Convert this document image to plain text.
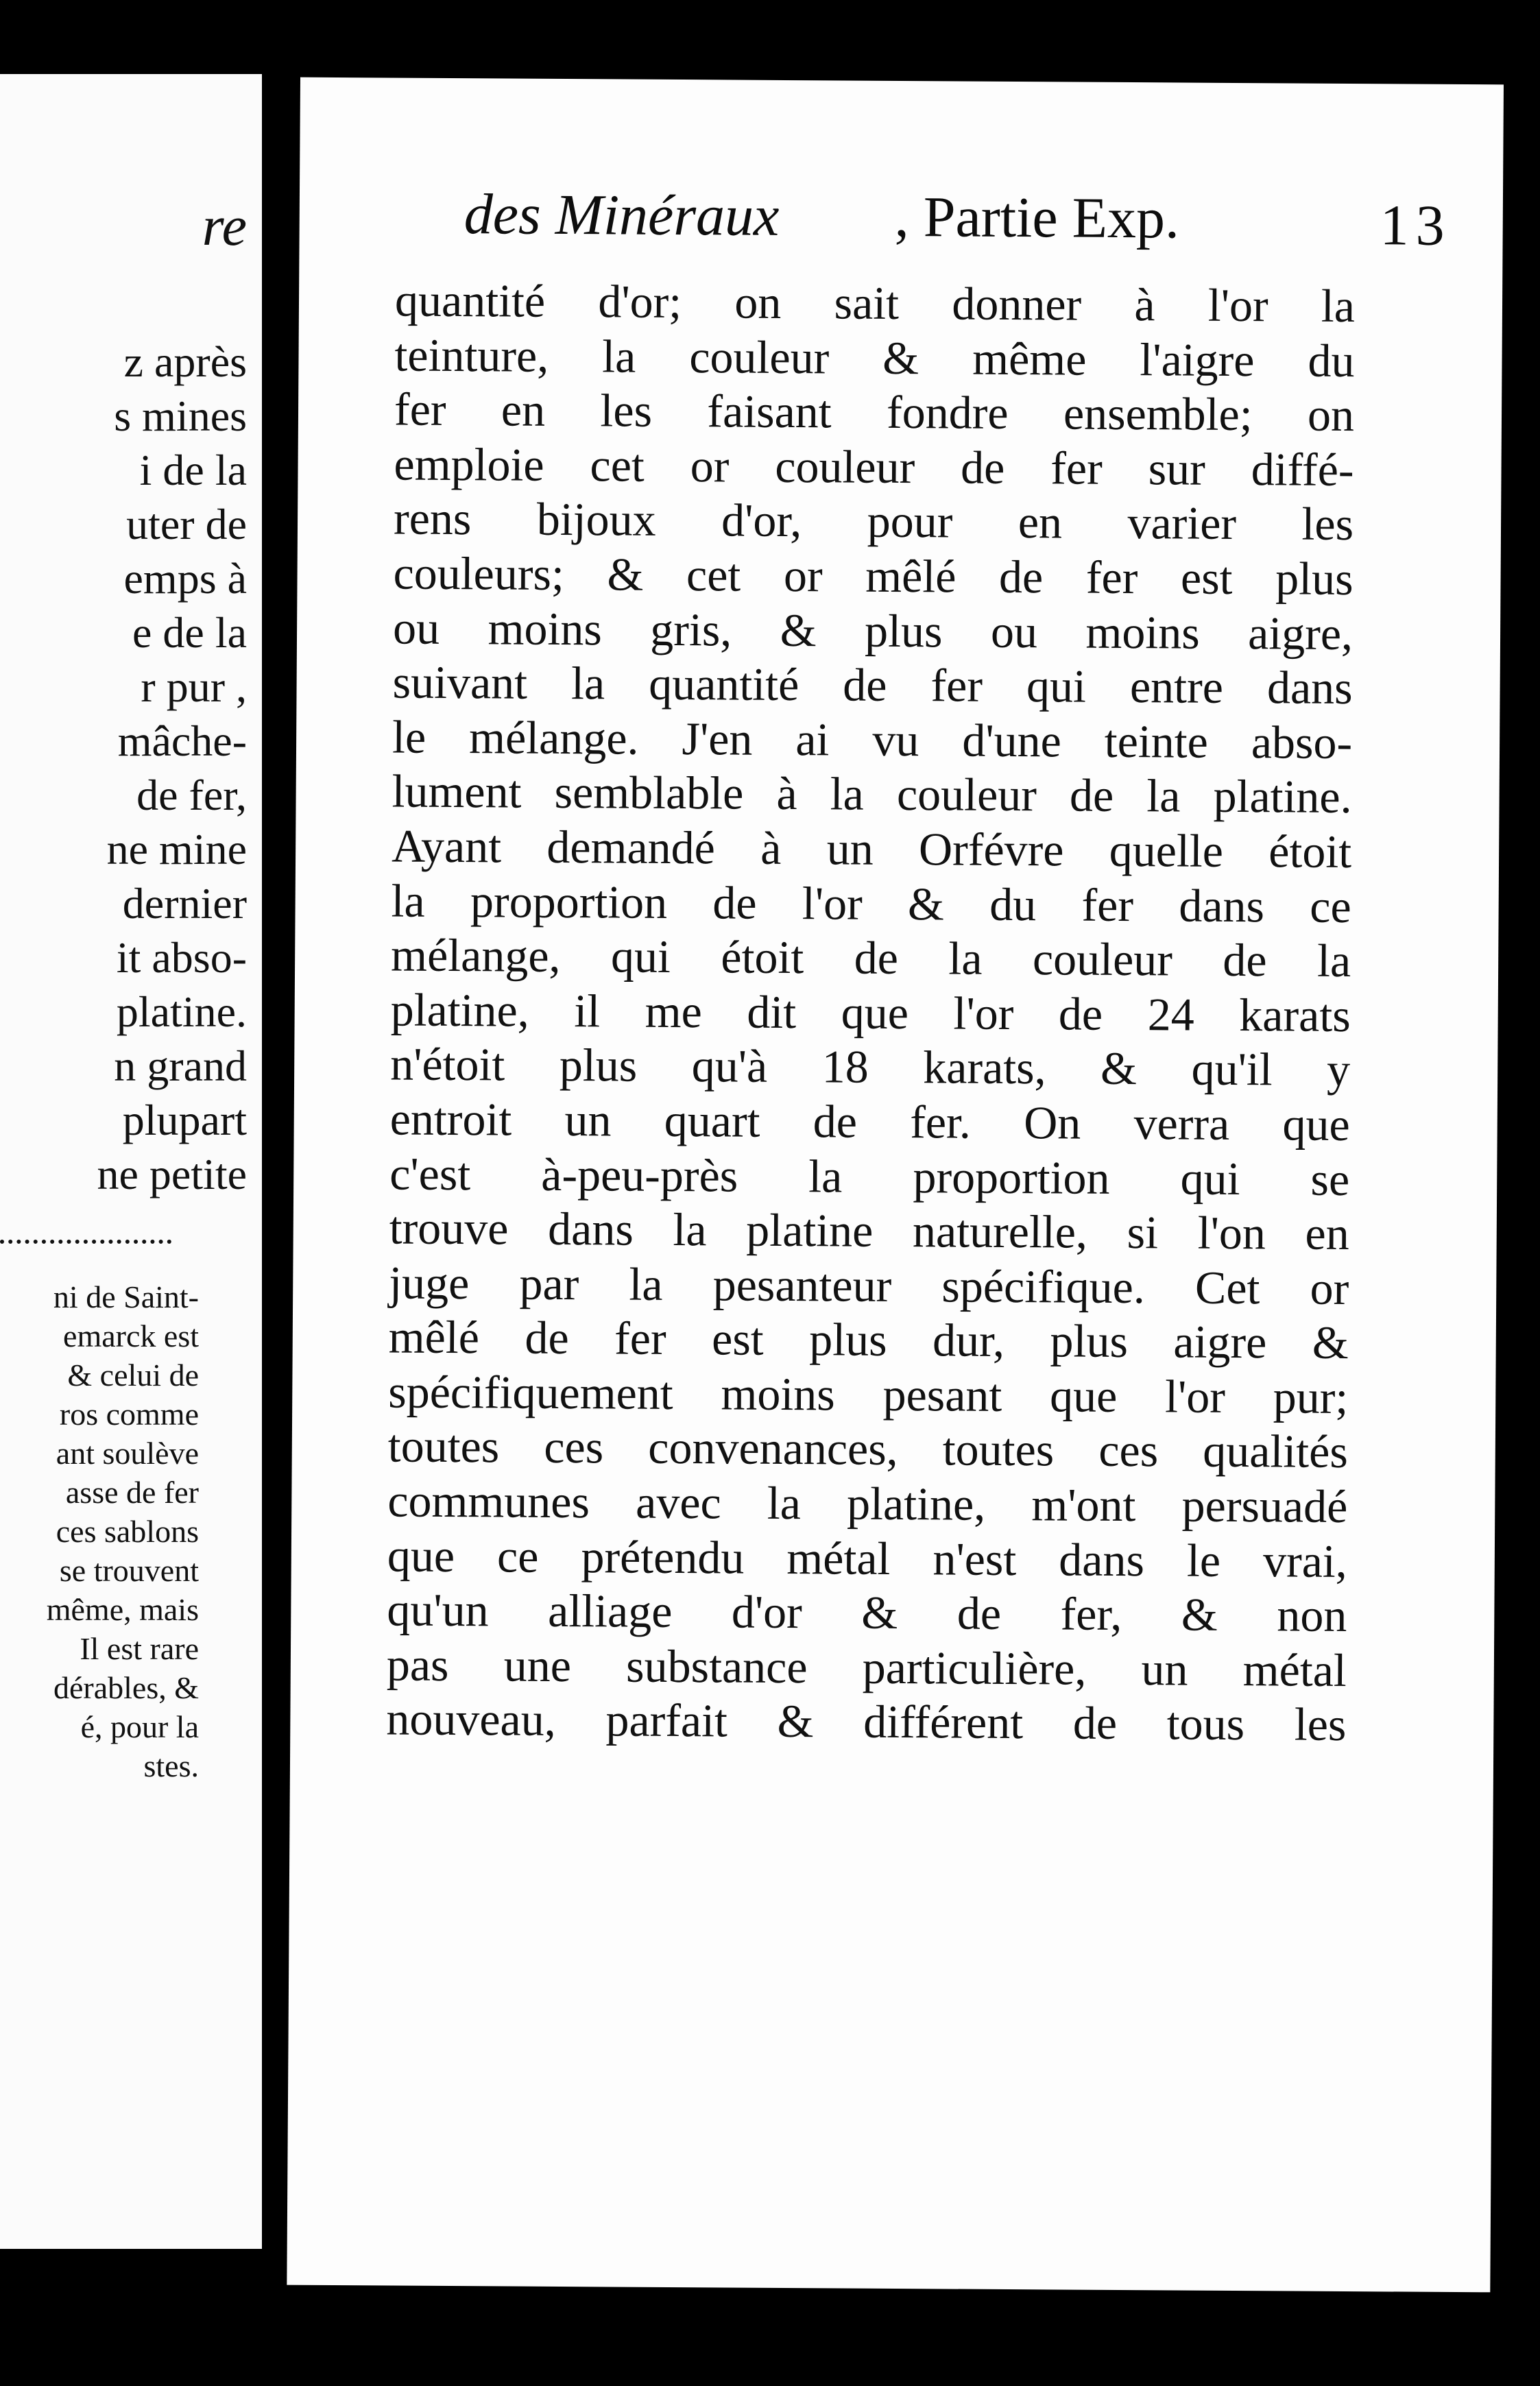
re
z après
s mines
i de la
uter de
emps à
e de la
r pur ,
mâche-
de fer,
ne mine
dernier
it abso-
platine.
n grand
plupart
ne petite
ni de Saint-
emarck est
& celui de
ros comme
ant soulève
asse de fer
ces sablons
se trouvent
même, mais
Il est rare
dérables, &
é, pour la
stes.
des Minéraux , Partie Exp.	13
quantité d'or; on sait donner à l'or la
teinture, la couleur & même l'aigre du
fer en les faisant fondre ensemble; on
emploie cet or couleur de fer sur diffé-
rens bijoux d'or, pour en varier les
couleurs; & cet or mêlé de fer est plus
ou moins gris, & plus ou moins aigre,
suivant la quantité de fer qui entre dans
le mélange. J'en ai vu d'une teinte abso-
lument semblable à la couleur de la platine.
Ayant demandé à un Orfévre quelle étoit
la proportion de l'or & du fer dans ce
mélange, qui étoit de la couleur de la
platine, il me dit que l'or de 24 karats
n'étoit plus qu'à 18 karats, & qu'il y
entroit un quart de fer. On verra que
c'est à-peu-près la proportion qui se
trouve dans la platine naturelle, si l'on en
juge par la pesanteur spécifique. Cet or
mêlé de fer est plus dur, plus aigre &
spécifiquement moins pesant que l'or pur;
toutes ces convenances, toutes ces qualités
communes avec la platine, m'ont persuadé
que ce prétendu métal n'est dans le vrai,
qu'un alliage d'or & de fer, & non
pas une substance particulière, un métal
nouveau, parfait & différent de tous les
